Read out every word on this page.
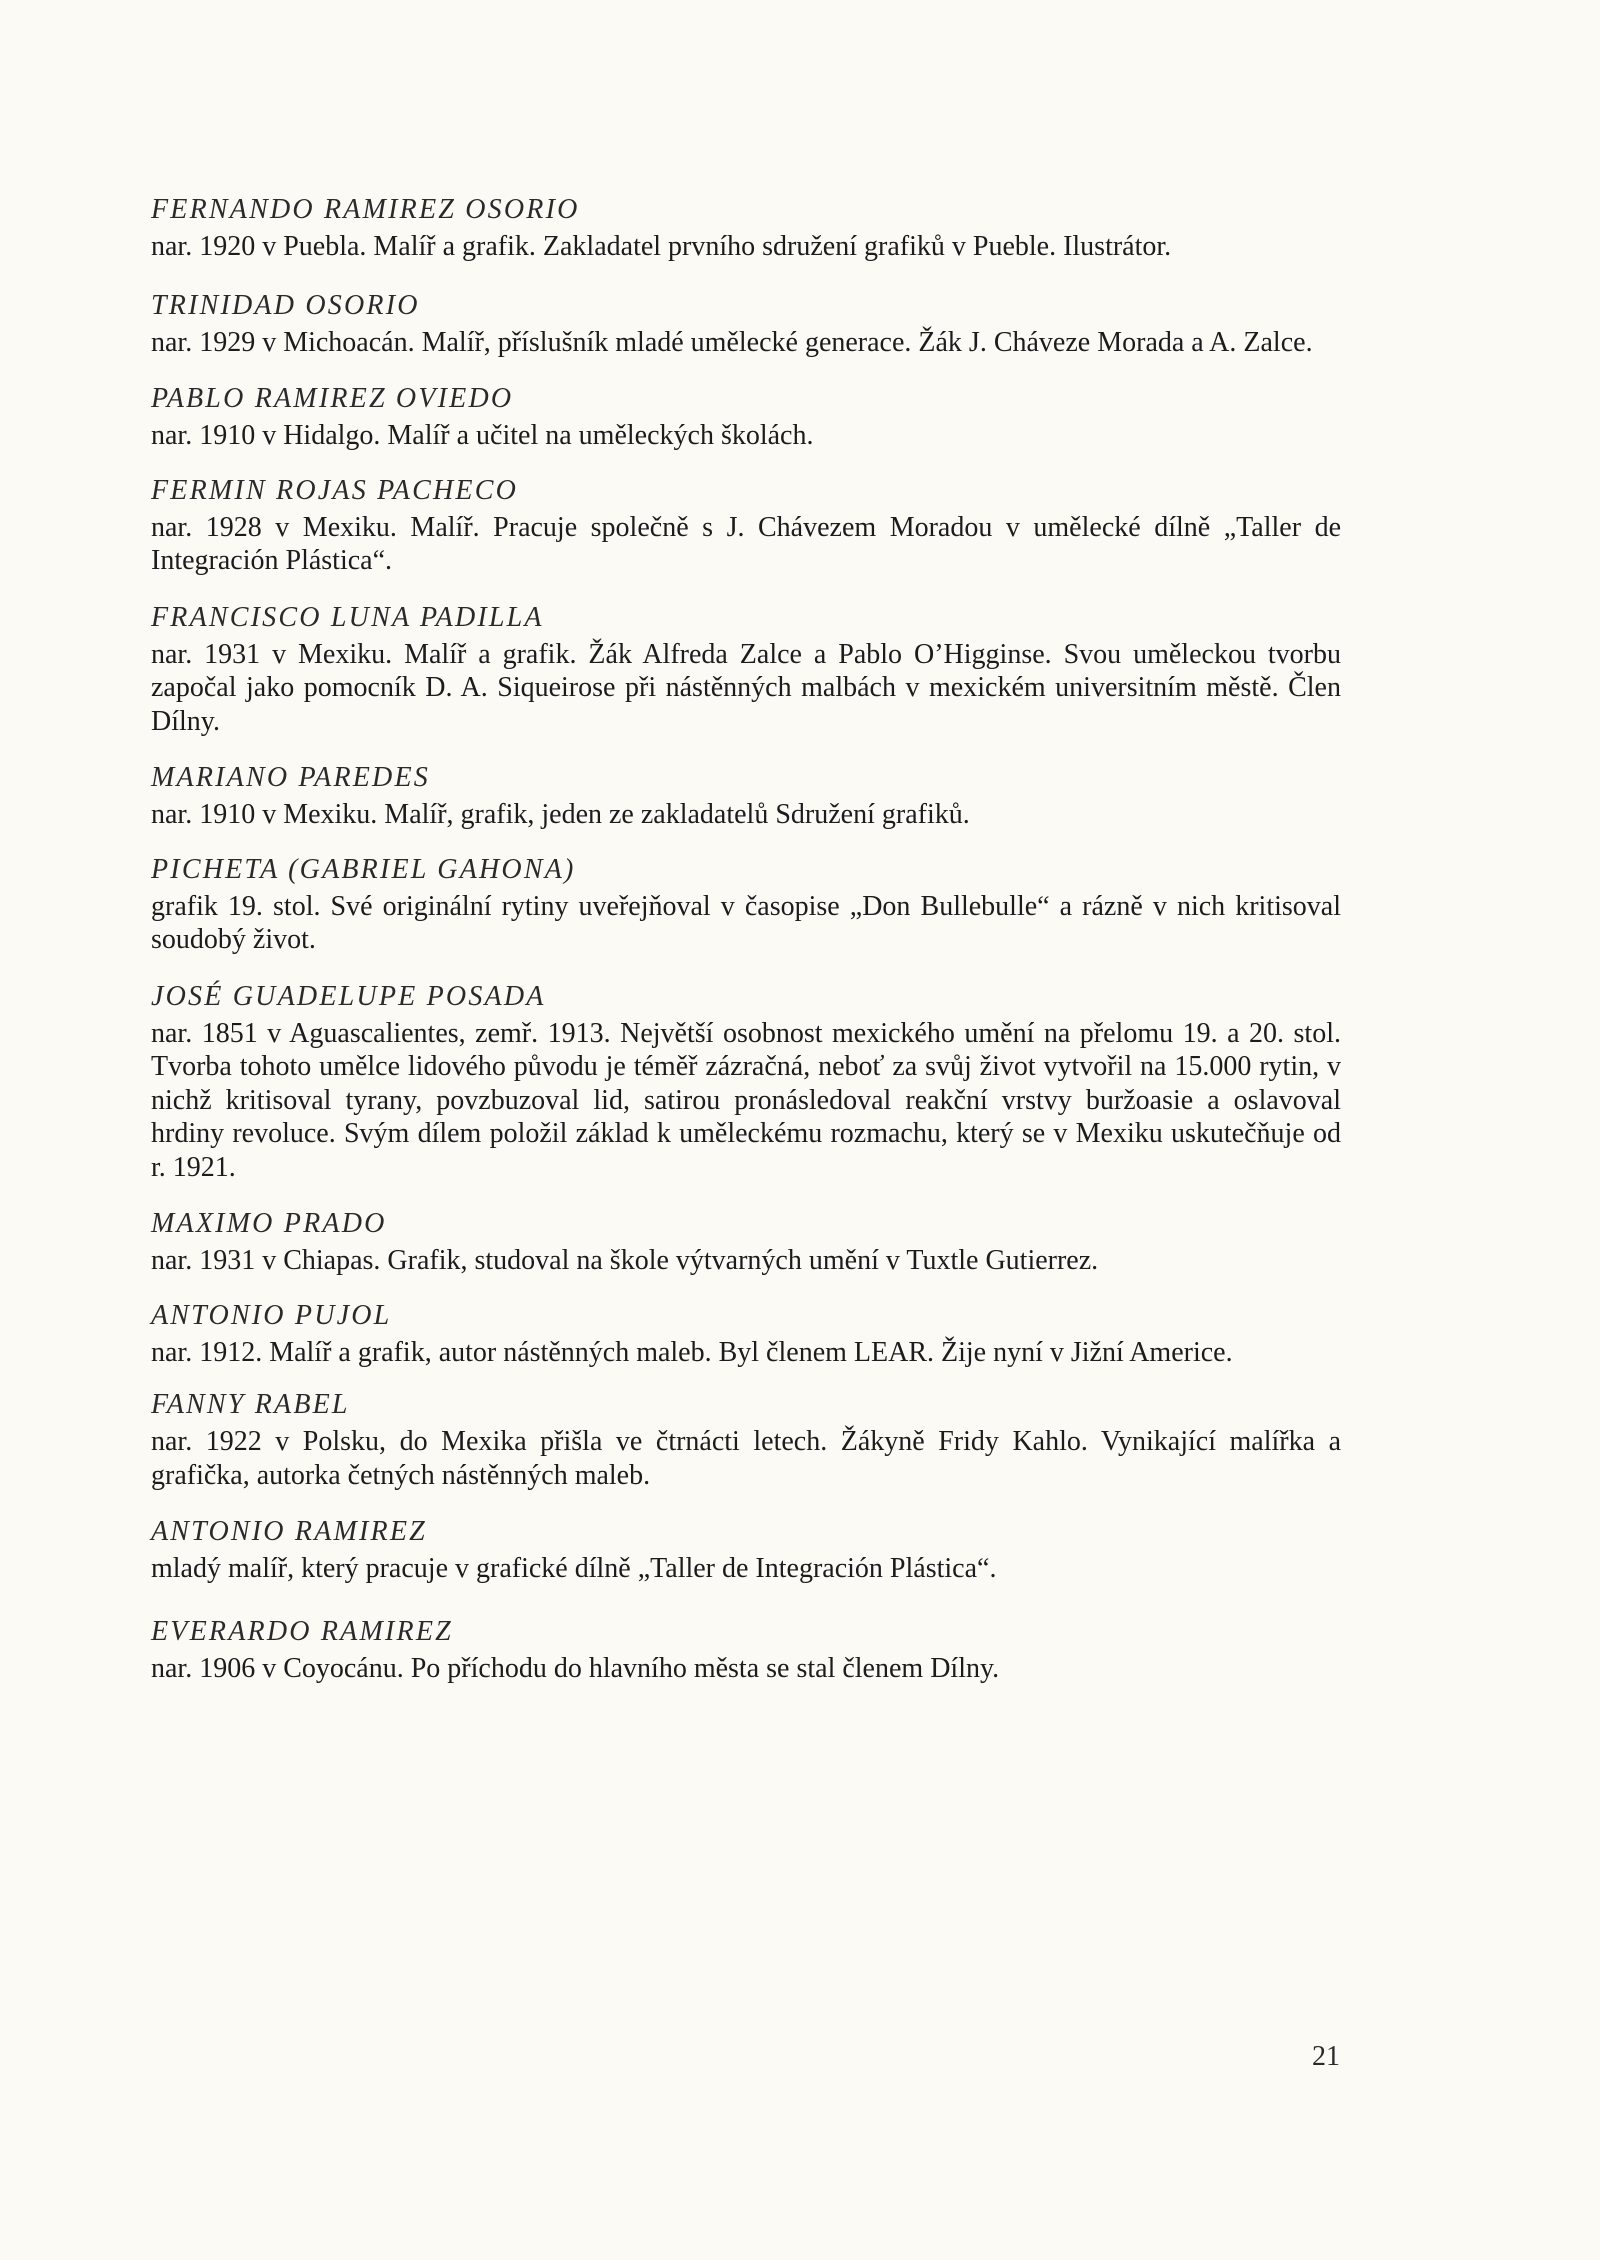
FERNANDO RAMIREZ OSORIO
nar. 1920 v Puebla. Malíř a grafik. Zakladatel prvního sdružení grafiků v Pueble. Ilustrátor.
TRINIDAD OSORIO
nar. 1929 v Michoacán. Malíř, příslušník mladé umělecké generace. Žák J. Cháveze Morada a A. Zalce.
PABLO RAMIREZ OVIEDO
nar. 1910 v Hidalgo. Malíř a učitel na uměleckých školách.
FERMIN ROJAS PACHECO
nar. 1928 v Mexiku. Malíř. Pracuje společně s J. Chávezem Moradou v umělecké dílně „Taller de Integración Plástica“.
FRANCISCO LUNA PADILLA
nar. 1931 v Mexiku. Malíř a grafik. Žák Alfreda Zalce a Pablo O’Higginse. Svou uměleckou tvorbu započal jako pomocník D. A. Siqueirose při nástěnných malbách v mexickém universitním městě. Člen Dílny.
MARIANO PAREDES
nar. 1910 v Mexiku. Malíř, grafik, jeden ze zakladatelů Sdružení grafiků.
PICHETA (GABRIEL GAHONA)
grafik 19. stol. Své originální rytiny uveřejňoval v časopise „Don Bullebulle“ a rázně v nich kritisoval soudobý život.
JOSÉ GUADELUPE POSADA
nar. 1851 v Aguascalientes, zemř. 1913. Největší osobnost mexického umění na přelomu 19. a 20. stol. Tvorba tohoto umělce lidového původu je téměř zázračná, neboť za svůj život vytvořil na 15.000 rytin, v nichž kritisoval tyrany, povzbuzoval lid, satirou pronásledoval reakční vrstvy buržoasie a oslavoval hrdiny revoluce. Svým dílem položil základ k uměleckému rozmachu, který se v Mexiku uskutečňuje od r. 1921.
MAXIMO PRADO
nar. 1931 v Chiapas. Grafik, studoval na škole výtvarných umění v Tuxtle Gutierrez.
ANTONIO PUJOL
nar. 1912. Malíř a grafik, autor nástěnných maleb. Byl členem LEAR. Žije nyní v Jižní Americe.
FANNY RABEL
nar. 1922 v Polsku, do Mexika přišla ve čtrnácti letech. Žákyně Fridy Kahlo. Vynikající malířka a grafička, autorka četných nástěnných maleb.
ANTONIO RAMIREZ
mladý malíř, který pracuje v grafické dílně „Taller de Integración Plástica“.
EVERARDO RAMIREZ
nar. 1906 v Coyocánu. Po příchodu do hlavního města se stal členem Dílny.
21
